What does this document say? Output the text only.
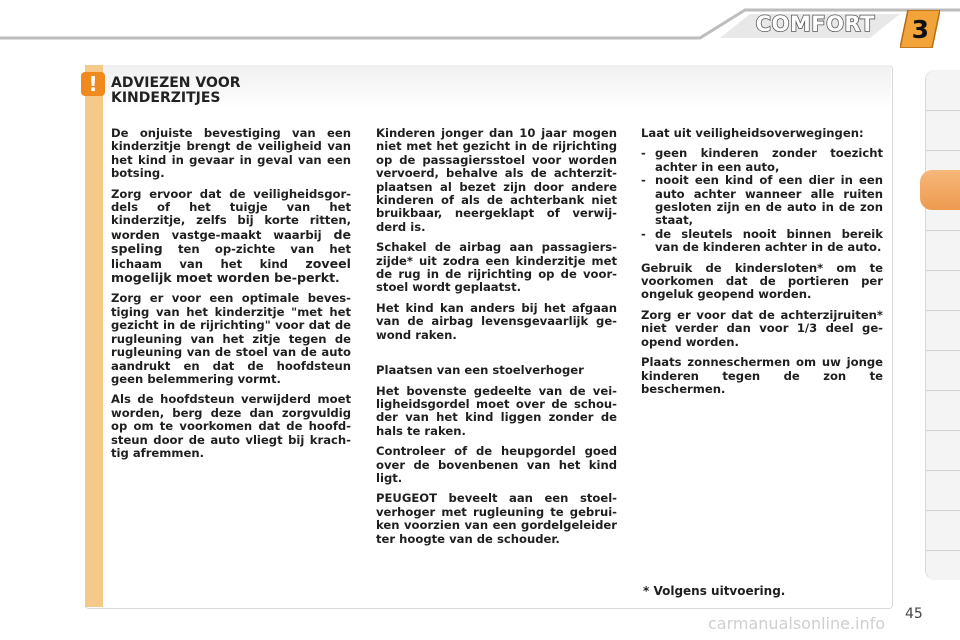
COMFORT 3
! ADVIEZEN VOOR
KINDERZITJES

De onjuiste bevestiging van een kinderzitje brengt de veiligheid van het kind in gevaar in geval van een botsing.

Zorg ervoor dat de veiligheidsgor-dels of het tuigje van het kinderzitje, zelfs bij korte ritten, worden vastge-maakt waarbij de speling ten op-zichte van het lichaam van het kind zoveel mogelijk moet worden be-perkt.

Zorg er voor een optimale beves-tiging van het kinderzitje "met het gezicht in de rijrichting" voor dat de rugleuning van het zitje tegen de rugleuning van de stoel van de auto aandrukt en dat de hoofdsteun geen belemmering vormt.

Als de hoofdsteun verwijderd moet worden, berg deze dan zorgvuldig op om te voorkomen dat de hoofd-steun door de auto vliegt bij krach-tig afremmen.

Kinderen jonger dan 10 jaar mogen niet met het gezicht in de rijrichting op de passagiersstoel voor worden vervoerd, behalve als de achterzit-plaatsen al bezet zijn door andere kinderen of als de achterbank niet bruikbaar, neergeklapt of verwij-derd is.

Schakel de airbag aan passagiers-zijde* uit zodra een kinderzitje met de rug in de rijrichting op de voor-stoel wordt geplaatst.

Het kind kan anders bij het afgaan van de airbag levensgevaarlijk ge-wond raken.

Plaatsen van een stoelverhoger

Het bovenste gedeelte van de vei-ligheidsgordel moet over de schou-der van het kind liggen zonder de hals te raken.

Controleer of de heupgordel goed over de bovenbenen van het kind ligt.

PEUGEOT beveelt aan een stoel-verhoger met rugleuning te gebrui-ken voorzien van een gordelgeleider ter hoogte van de schouder.

Laat uit veiligheidsoverwegingen:

- geen kinderen zonder toezicht achter in een auto,
- nooit een kind of een dier in een auto achter wanneer alle ruiten gesloten zijn en de auto in de zon staat,
- de sleutels nooit binnen bereik van de kinderen achter in de auto.

Gebruik de kindersloten* om te voorkomen dat de portieren per ongeluk geopend worden.

Zorg er voor dat de achterzijruiten* niet verder dan voor 1/3 deel ge-opend worden.

Plaats zonneschermen om uw jonge kinderen tegen de zon te beschermen.

* Volgens uitvoering.
carmanualsonline.info 45
